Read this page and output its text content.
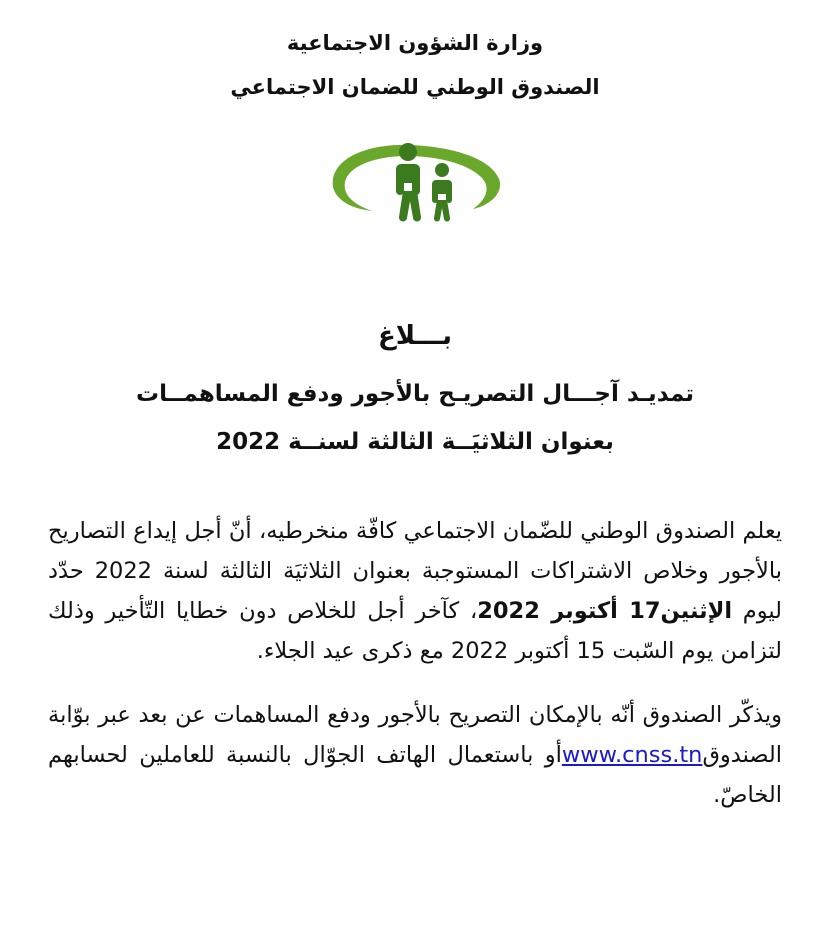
وزارة الشؤون الاجتماعية
الصندوق الوطني للضمان الاجتماعي
بـــلاغ
تمديـد آجـــال التصريـح بالأجور ودفع المساهمــات
بعنوان الثلاثيَــة الثالثة لسنــة 2022

يعلم الصندوق الوطني للضّمان الاجتماعي كافّة منخرطيه، أنّ أجل إيداع التصاريح بالأجور وخلاص الاشتراكات المستوجبة بعنوان الثلاثيَة الثالثة لسنة 2022 حدّد ليوم الإثنين17 أكتوبر 2022، كآخر أجل للخلاص دون خطايا التّأخير وذلك لتزامن يوم السّبت 15 أكتوبر 2022 مع ذكرى عيد الجلاء.

ويذكّر الصندوق أنّه بالإمكان التصريح بالأجور ودفع المساهمات عن بعد عبر بوّابة الصندوقwww.cnss.tnأو باستعمال الهاتف الجوّال بالنسبة للعاملين لحسابهم الخاصّ.
